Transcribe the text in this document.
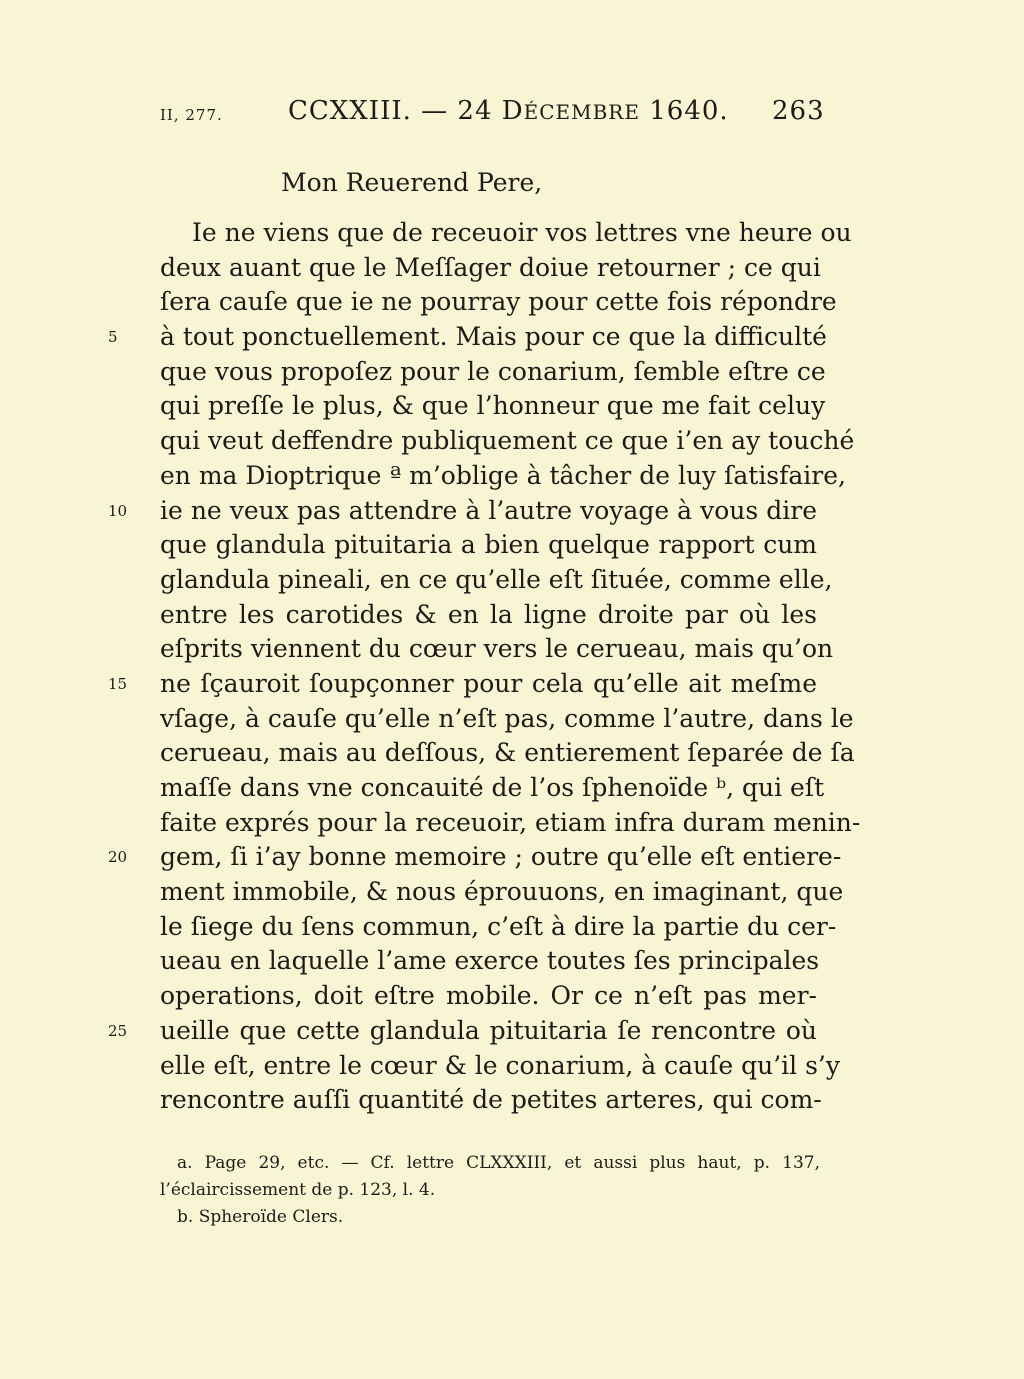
II, 277.	CCXXIII. — 24 DÉCEMBRE 1640. 263
Mon Reuerend Pere,
Ie ne viens que de receuoir vos lettres vne heure ou
deux auant que le Meſſager doiue retourner ; ce qui
ſera cauſe que ie ne pourray pour cette fois répondre
5	à tout ponctuellement. Mais pour ce que la difficulté
que vous propoſez pour le conarium, ſemble eſtre ce
qui preſſe le plus, & que l’honneur que me fait celuy
qui veut deffendre publiquement ce que i’en ay touché
en ma Dioptrique ª m’oblige à tâcher de luy ſatisfaire,
10	ie ne veux pas attendre à l’autre voyage à vous dire
que glandula pituitaria a bien quelque rapport cum
glandula pineali, en ce qu’elle eſt ſituée, comme elle,
entre les carotides & en la ligne droite par où les
eſprits viennent du cœur vers le cerueau, mais qu’on
15	ne ſçauroit ſoupçonner pour cela qu’elle ait meſme
vſage, à cauſe qu’elle n’eſt pas, comme l’autre, dans le
cerueau, mais au deſſous, & entierement ſeparée de ſa
maſſe dans vne concauité de l’os ſphenoïde ᵇ, qui eſt
faite exprés pour la receuoir, etiam infra duram menin-
20	gem, ſi i’ay bonne memoire ; outre qu’elle eſt entiere-
ment immobile, & nous éprouuons, en imaginant, que
le ſiege du ſens commun, c’eſt à dire la partie du cer-
ueau en laquelle l’ame exerce toutes ſes principales
operations, doit eſtre mobile. Or ce n’eſt pas mer-
25	ueille que cette glandula pituitaria ſe rencontre où
elle eſt, entre le cœur & le conarium, à cauſe qu’il s’y
rencontre auſſi quantité de petites arteres, qui com-
a. Page 29, etc. — Cf. lettre CLXXXIII, et aussi plus haut, p. 137,
l’éclaircissement de p. 123, l. 4.
b. Spheroïde Clers.
